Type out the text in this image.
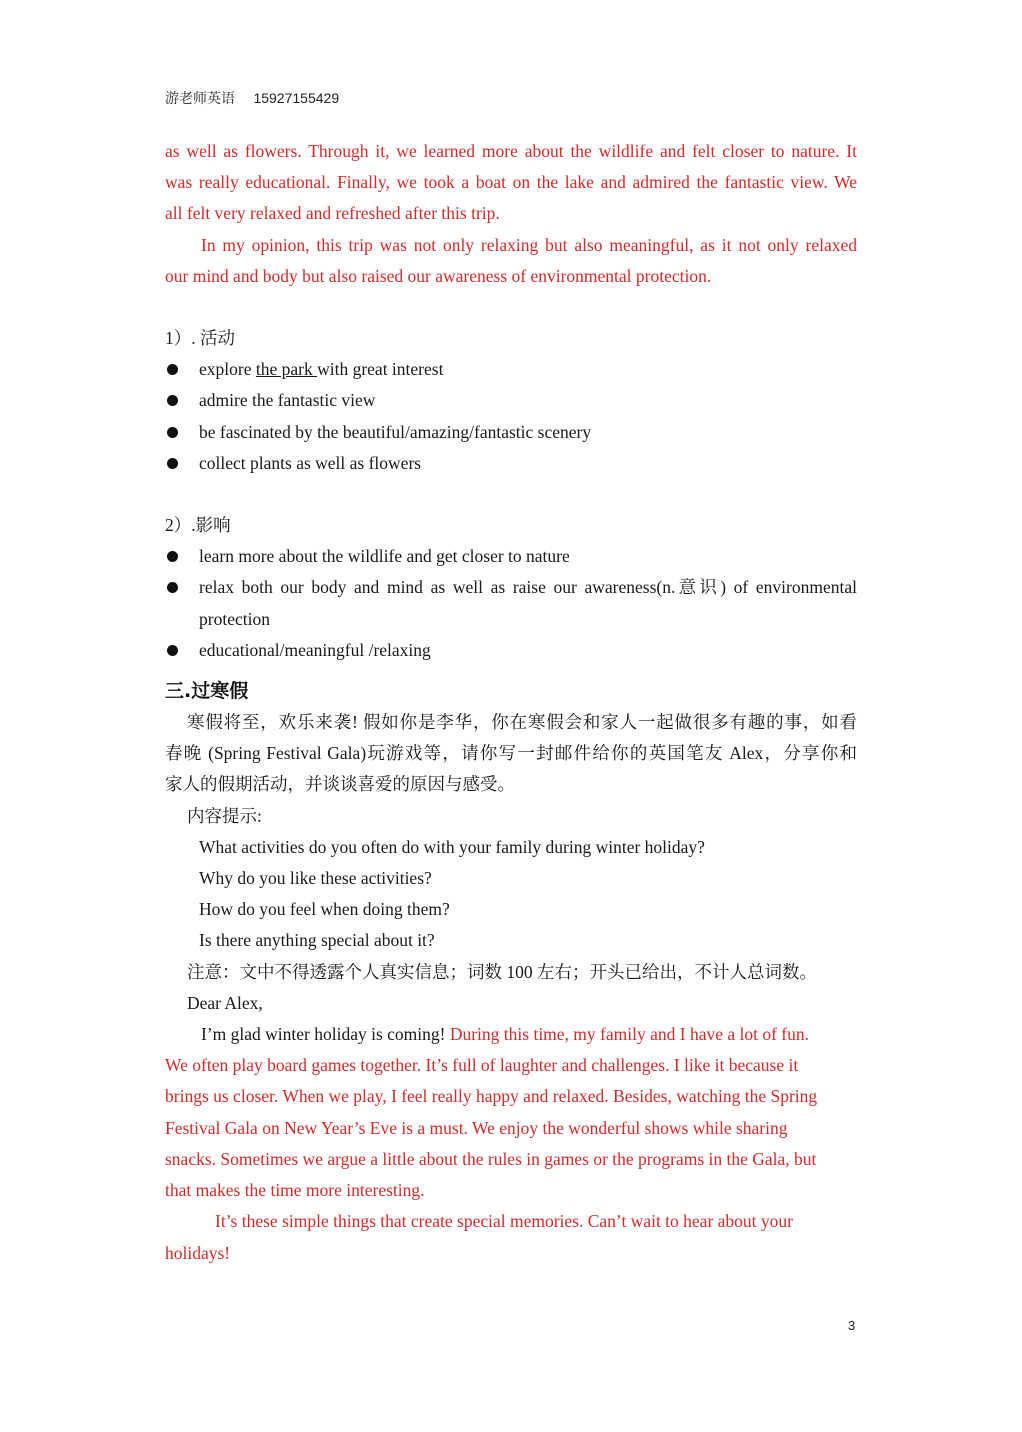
游老师英语 15927155429
as well as flowers. Through it, we learned more about the wildlife and felt closer to nature. It
was really educational. Finally, we took a boat on the lake and admired the fantastic view. We
all felt very relaxed and refreshed after this trip.
In my opinion, this trip was not only relaxing but also meaningful, as it not only relaxed
our mind and body but also raised our awareness of environmental protection.
1）. 活动
explore the park with great interest
admire the fantastic view
be fascinated by the beautiful/amazing/fantastic scenery
collect plants as well as flowers
2）.影响
learn more about the wildlife and get closer to nature
relax both our body and mind as well as raise our awareness(n.意识) of environmental
protection
educational/meaningful /relaxing
三.过寒假
寒假将至，欢乐来袭! 假如你是李华，你在寒假会和家人一起做很多有趣的事，如看
春晚 (Spring Festival Gala)玩游戏等，请你写一封邮件给你的英国笔友 Alex，分享你和
家人的假期活动，并谈谈喜爱的原因与感受。
内容提示:
What activities do you often do with your family during winter holiday?
Why do you like these activities?
How do you feel when doing them?
Is there anything special about it?
注意：文中不得透露个人真实信息；词数 100 左右；开头已给出，不计人总词数。
Dear Alex,
I’m glad winter holiday is coming! During this time, my family and I have a lot of fun.
We often play board games together. It’s full of laughter and challenges. I like it because it
brings us closer. When we play, I feel really happy and relaxed. Besides, watching the Spring
Festival Gala on New Year’s Eve is a must. We enjoy the wonderful shows while sharing
snacks. Sometimes we argue a little about the rules in games or the programs in the Gala, but
that makes the time more interesting.
It’s these simple things that create special memories. Can’t wait to hear about your
holidays!
3
